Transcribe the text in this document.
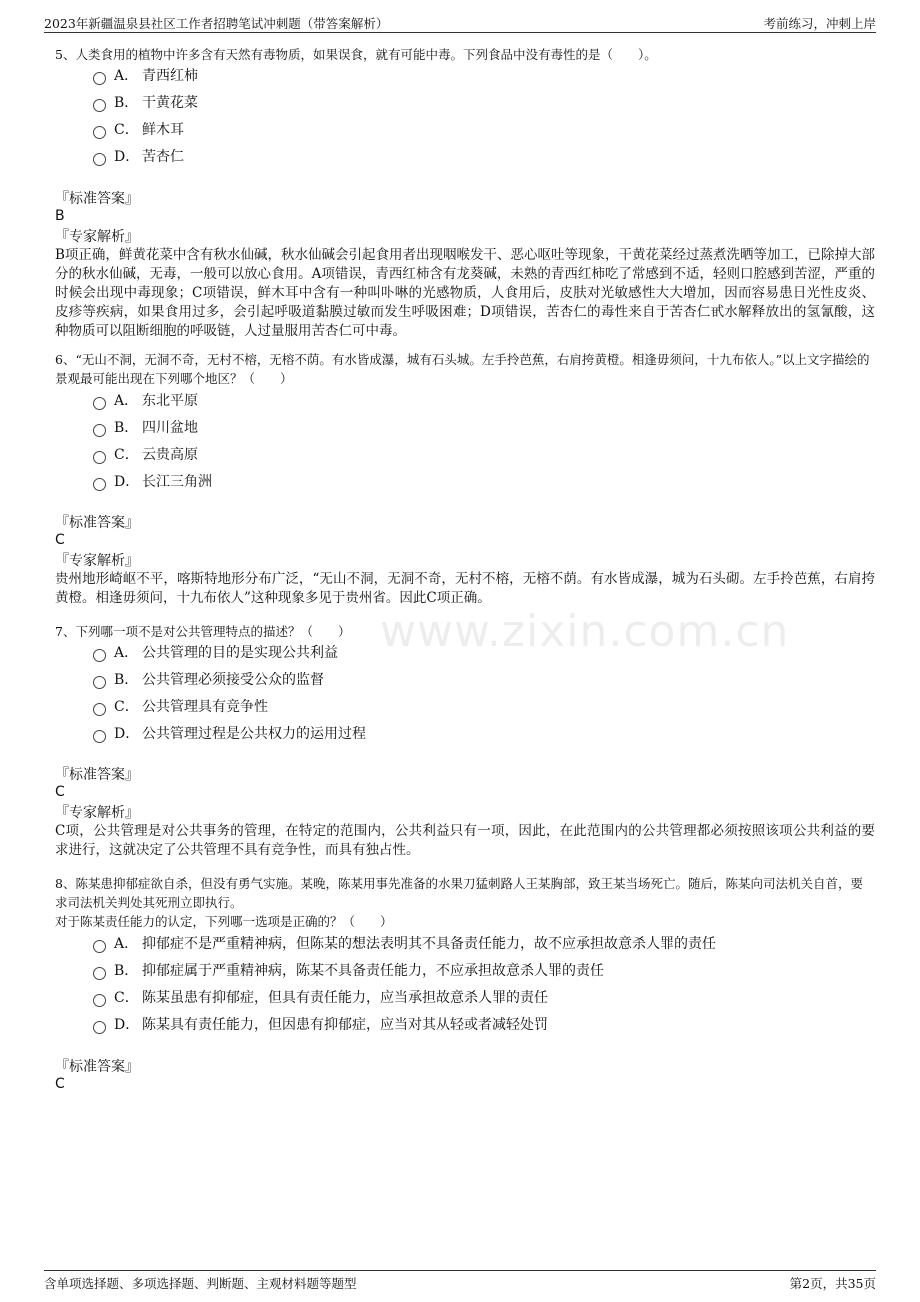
2023年新疆温泉县社区工作者招聘笔试冲刺题（带答案解析）	考前练习，冲刺上岸
www.zixin.com.cn
5、人类食用的植物中许多含有天然有毒物质，如果误食，就有可能中毒。下列食品中没有毒性的是（　　）。
A． 青西红柿
B． 干黄花菜
C． 鲜木耳
D． 苦杏仁
『标准答案』
B
『专家解析』
B项正确，鲜黄花菜中含有秋水仙碱，秋水仙碱会引起食用者出现咽喉发干、恶心呕吐等现象，干黄花菜经过蒸煮洗晒等加工，已除掉大部分的秋水仙碱，无毒，一般可以放心食用。A项错误，青西红柿含有龙葵碱，未熟的青西红柿吃了常感到不适，轻则口腔感到苦涩，严重的时候会出现中毒现象；C项错误，鲜木耳中含有一种叫卟啉的光感物质，人食用后，皮肤对光敏感性大大增加，因而容易患日光性皮炎、皮疹等疾病，如果食用过多，会引起呼吸道黏膜过敏而发生呼吸困难；D项错误，苦杏仁的毒性来自于苦杏仁甙水解释放出的氢氰酸，这种物质可以阻断细胞的呼吸链，人过量服用苦杏仁可中毒。
6、“无山不洞，无洞不奇，无村不榕，无榕不荫。有水皆成瀑，城有石头城。左手拎芭蕉，右肩挎黄橙。相逢毋须问，十九布依人。”以上文字描绘的景观最可能出现在下列哪个地区？（　　）
A． 东北平原
B． 四川盆地
C． 云贵高原
D． 长江三角洲
『标准答案』
C
『专家解析』
贵州地形崎岖不平，喀斯特地形分布广泛，“无山不洞，无洞不奇，无村不榕，无榕不荫。有水皆成瀑，城为石头砌。左手拎芭蕉，右肩挎黄橙。相逢毋须问，十九布依人”这种现象多见于贵州省。因此C项正确。
7、下列哪一项不是对公共管理特点的描述？（　　）
A． 公共管理的目的是实现公共利益
B． 公共管理必须接受公众的监督
C． 公共管理具有竞争性
D． 公共管理过程是公共权力的运用过程
『标准答案』
C
『专家解析』
C项，公共管理是对公共事务的管理，在特定的范围内，公共利益只有一项，因此，在此范围内的公共管理都必须按照该项公共利益的要求进行，这就决定了公共管理不具有竞争性，而具有独占性。
8、陈某患抑郁症欲自杀，但没有勇气实施。某晚，陈某用事先准备的水果刀猛刺路人王某胸部，致王某当场死亡。随后，陈某向司法机关自首，要求司法机关判处其死刑立即执行。
对于陈某责任能力的认定，下列哪一选项是正确的？（　　）
A． 抑郁症不是严重精神病，但陈某的想法表明其不具备责任能力，故不应承担故意杀人罪的责任
B． 抑郁症属于严重精神病，陈某不具备责任能力，不应承担故意杀人罪的责任
C． 陈某虽患有抑郁症，但具有责任能力，应当承担故意杀人罪的责任
D． 陈某具有责任能力，但因患有抑郁症，应当对其从轻或者减轻处罚
『标准答案』
C
含单项选择题、多项选择题、判断题、主观材料题等题型	第2页，共35页
